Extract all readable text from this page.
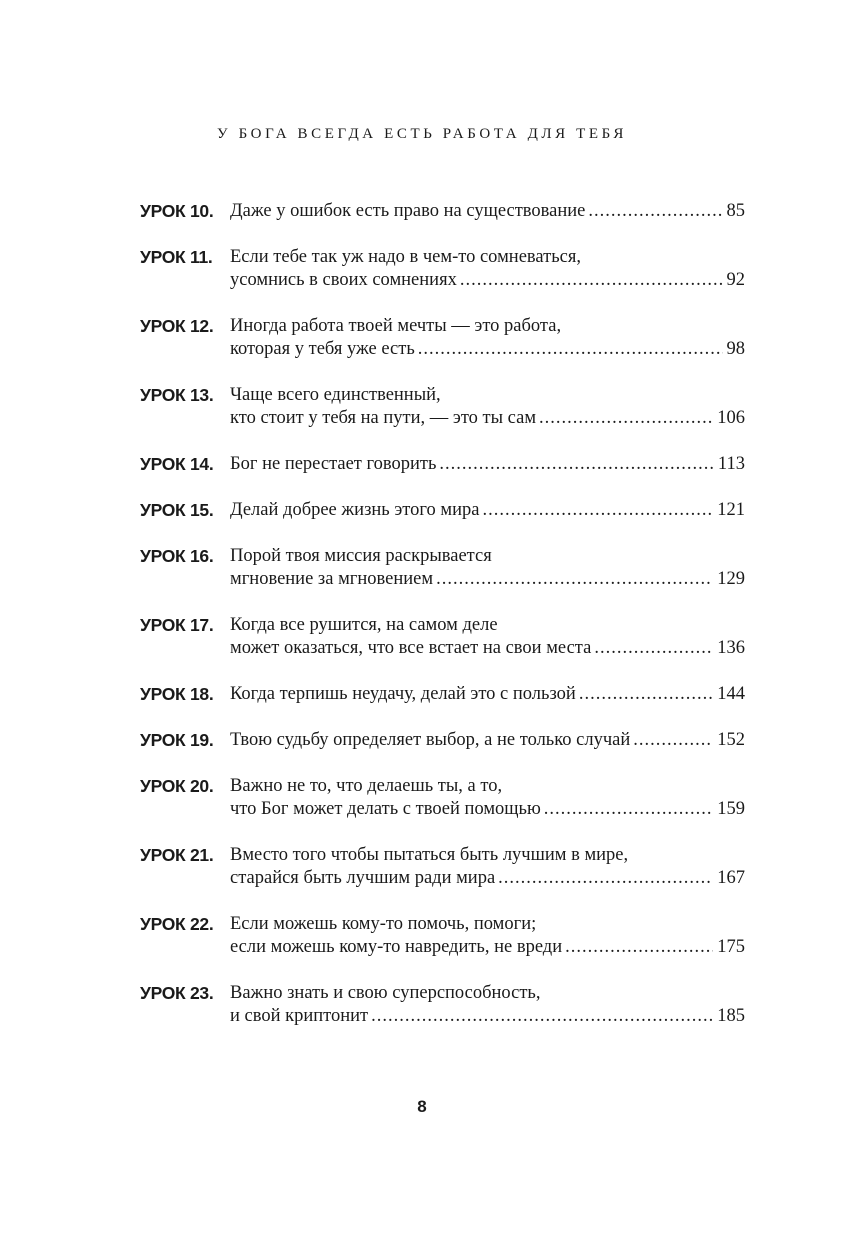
У БОГА ВСЕГДА ЕСТЬ РАБОТА ДЛЯ ТЕБЯ
УРОК 10. Даже у ошибок есть право на существование .....	85
УРОК 11. Если тебе так уж надо в чем-то сомневаться,
усомнись в своих сомнениях .....	92
УРОК 12. Иногда работа твоей мечты — это работа,
которая у тебя уже есть .....	98
УРОК 13. Чаще всего единственный,
кто стоит у тебя на пути, — это ты сам .....	106
УРОК 14. Бог не перестает говорить .....	113
УРОК 15. Делай добрее жизнь этого мира .....	121
УРОК 16. Порой твоя миссия раскрывается
мгновение за мгновением .....	129
УРОК 17. Когда все рушится, на самом деле
может оказаться, что все встает на свои места .....	136
УРОК 18. Когда терпишь неудачу, делай это с пользой .....	144
УРОК 19. Твою судьбу определяет выбор, а не только случай .....	152
УРОК 20. Важно не то, что делаешь ты, а то,
что Бог может делать с твоей помощью .....	159
УРОК 21. Вместо того чтобы пытаться быть лучшим в мире,
старайся быть лучшим ради мира .....	167
УРОК 22. Если можешь кому-то помочь, помоги;
если можешь кому-то навредить, не вреди .....	175
УРОК 23. Важно знать и свою суперспособность,
и свой криптонит .....	185
8
